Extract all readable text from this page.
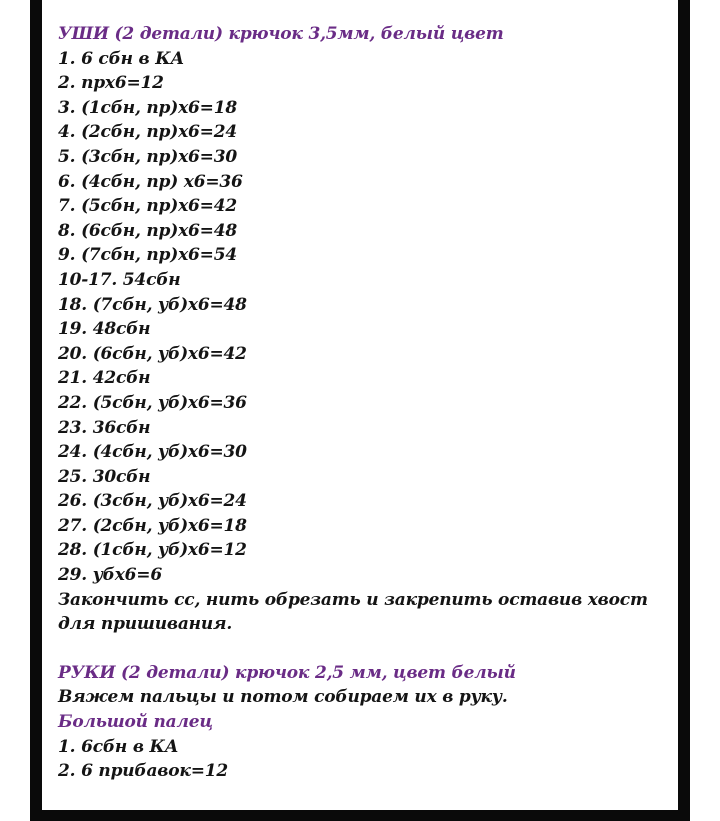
УШИ (2 детали) крючок 3,5мм, белый цвет
1. 6 сбн в КА
2. прх6=12
3. (1сбн, пр)х6=18
4. (2сбн, пр)х6=24
5. (3сбн, пр)х6=30
6. (4сбн, пр) х6=36
7. (5сбн, пр)х6=42
8. (6сбн, пр)х6=48
9. (7сбн, пр)х6=54
10-17. 54сбн
18. (7сбн, уб)х6=48
19. 48сбн
20. (6сбн, уб)х6=42
21. 42сбн
22. (5сбн, уб)х6=36
23. 36сбн
24. (4сбн, уб)х6=30
25. 30сбн
26. (3сбн, уб)х6=24
27. (2сбн, уб)х6=18
28. (1сбн, уб)х6=12
29. убх6=6
Закончить сс, нить обрезать и закрепить оставив хвост
для пришивания.
РУКИ (2 детали) крючок 2,5 мм, цвет белый
Вяжем пальцы и потом собираем их в руку.
Большой палец
1. 6сбн в КА
2. 6 прибавок=12
